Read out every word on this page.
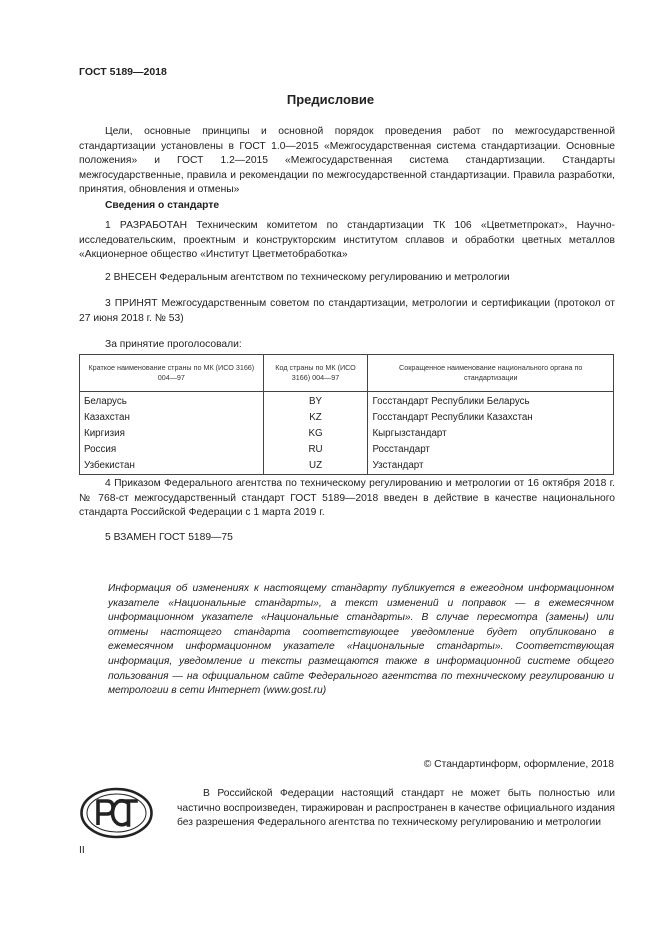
ГОСТ 5189—2018
Предисловие

Цели, основные принципы и основной порядок проведения работ по межгосударственной стандартизации установлены в ГОСТ 1.0—2015 «Межгосударственная система стандартизации. Основные положения» и ГОСТ 1.2—2015 «Межгосударственная система стандартизации. Стандарты межгосударственные, правила и рекомендации по межгосударственной стандартизации. Правила разработки, принятия, обновления и отмены»

Сведения о стандарте

1 РАЗРАБОТАН Техническим комитетом по стандартизации ТК 106 «Цветметпрокат», Научно-исследовательским, проектным и конструкторским институтом сплавов и обработки цветных металлов «Акционерное общество «Институт Цветметобработка»

2 ВНЕСЕН Федеральным агентством по техническому регулированию и метрологии

3 ПРИНЯТ Межгосударственным советом по стандартизации, метрологии и сертификации (протокол от 27 июня 2018 г. № 53)

За принятие проголосовали:
Краткое наименование страны по МК (ИСО 3166) 004—97	Код страны по МК (ИСО 3166) 004—97	Сокращенное наименование национального органа по стандартизации
Беларусь	BY	Госстандарт Республики Беларусь
Казахстан	KZ	Госстандарт Республики Казахстан
Киргизия	KG	Кыргызстандарт
Россия	RU	Росстандарт
Узбекистан	UZ	Узстандарт

4 Приказом Федерального агентства по техническому регулированию и метрологии от 16 октября 2018 г. № 768-ст межгосударственный стандарт ГОСТ 5189—2018 введен в действие в качестве национального стандарта Российской Федерации с 1 марта 2019 г.

5 ВЗАМЕН ГОСТ 5189—75

Информация об изменениях к настоящему стандарту публикуется в ежегодном информационном указателе «Национальные стандарты», а текст изменений и поправок — в ежемесячном информационном указателе «Национальные стандарты». В случае пересмотра (замены) или отмены настоящего стандарта соответствующее уведомление будет опубликовано в ежемесячном информационном указателе «Национальные стандарты». Соответствующая информация, уведомление и тексты размещаются также в информационной системе общего пользования — на официальном сайте Федерального агентства по техническому регулированию и метрологии в сети Интернет (www.gost.ru)

© Стандартинформ, оформление, 2018

В Российской Федерации настоящий стандарт не может быть полностью или частично воспроизведен, тиражирован и распространен в качестве официального издания без разрешения Федерального агентства по техническому регулированию и метрологии

II
